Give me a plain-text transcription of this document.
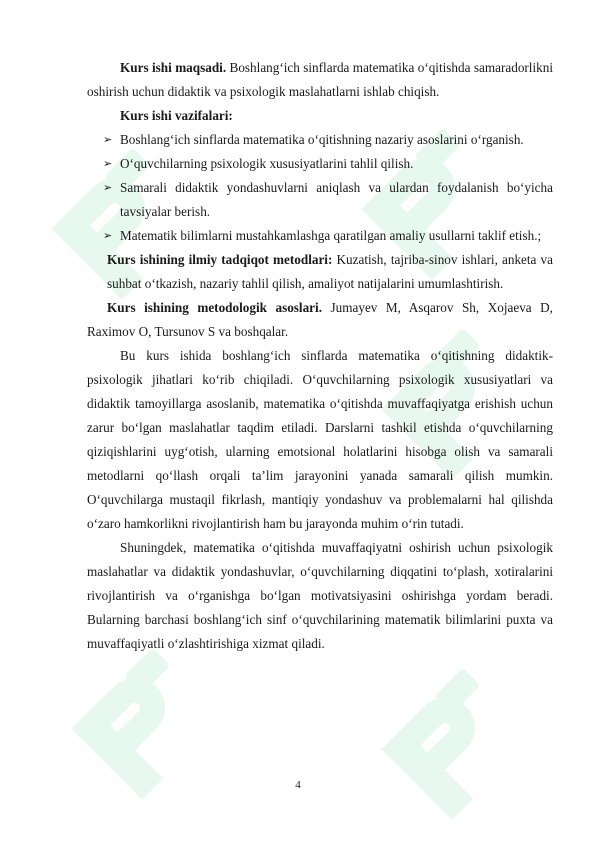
Kurs ishi maqsadi. Boshlang‘ich sinflarda matematika o‘qitishda samaradorlikni oshirish uchun didaktik va psixologik maslahatlarni ishlab chiqish.

Kurs ishi vazifalari:

➢ Boshlang‘ich sinflarda matematika o‘qitishning nazariy asoslarini o‘rganish.
➢ O‘quvchilarning psixologik xususiyatlarini tahlil qilish.
➢ Samarali didaktik yondashuvlarni aniqlash va ulardan foydalanish bo‘yicha tavsiyalar berish.
➢ Matematik bilimlarni mustahkamlashga qaratilgan amaliy usullarni taklif etish.;

Kurs ishining ilmiy tadqiqot metodlari: Kuzatish, tajriba-sinov ishlari, anketa va suhbat o‘tkazish, nazariy tahlil qilish, amaliyot natijalarini umumlashtirish.

Kurs ishining metodologik asoslari. Jumayev M, Asqarov Sh, Xojaeva D, Raximov O, Tursunov S va boshqalar.

Bu kurs ishida boshlang‘ich sinflarda matematika o‘qitishning didaktik-psixologik jihatlari ko‘rib chiqiladi. O‘quvchilarning psixologik xususiyatlari va didaktik tamoyillarga asoslanib, matematika o‘qitishda muvaffaqiyatga erishish uchun zarur bo‘lgan maslahatlar taqdim etiladi. Darslarni tashkil etishda o‘quvchilarning qiziqishlarini uyg‘otish, ularning emotsional holatlarini hisobga olish va samarali metodlarni qo‘llash orqali ta’lim jarayonini yanada samarali qilish mumkin. O‘quvchilarga mustaqil fikrlash, mantiqiy yondashuv va problemalarni hal qilishda o‘zaro hamkorlikni rivojlantirish ham bu jarayonda muhim o‘rin tutadi.

Shuningdek, matematika o‘qitishda muvaffaqiyatni oshirish uchun psixologik maslahatlar va didaktik yondashuvlar, o‘quvchilarning diqqatini to‘plash, xotiralarini rivojlantirish va o‘rganishga bo‘lgan motivatsiyasini oshirishga yordam beradi. Bularning barchasi boshlang‘ich sinf o‘quvchilarining matematik bilimlarini puxta va muvaffaqiyatli o‘zlashtirishiga xizmat qiladi.

4
